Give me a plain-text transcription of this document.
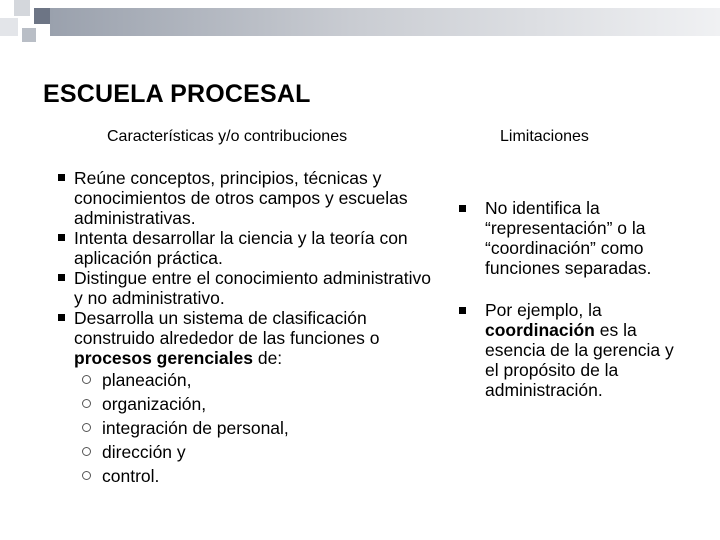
ESCUELA PROCESAL
Características y/o contribuciones	Limitaciones
Reúne conceptos, principios, técnicas y conocimientos de otros campos y escuelas administrativas.
Intenta desarrollar la ciencia y la teoría con aplicación práctica.
Distingue entre el conocimiento administrativo y no administrativo.
Desarrolla un sistema de clasificación construido alrededor de las funciones o procesos gerenciales de:
planeación,
organización,
integración de personal,
dirección y
control.
No identifica la “representación” o la “coordinación” como funciones separadas.
Por ejemplo, la coordinación es la esencia de la gerencia y el propósito de la administración.
